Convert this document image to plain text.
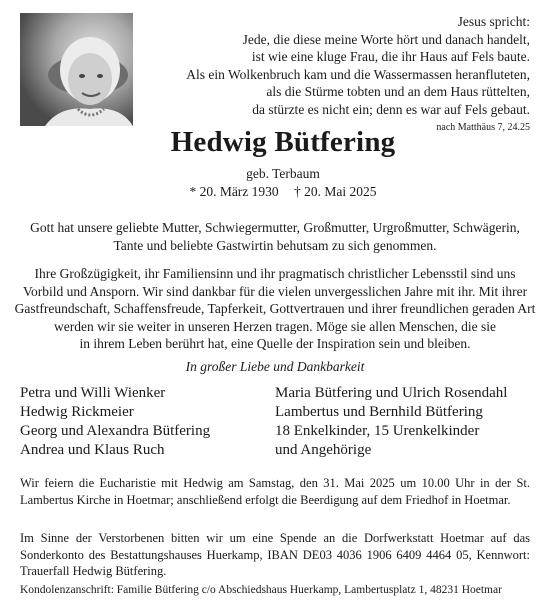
Jesus spricht:
Jede, die diese meine Worte hört und danach handelt,
ist wie eine kluge Frau, die ihr Haus auf Fels baute.
Als ein Wolkenbruch kam und die Wassermassen heranfluteten,
als die Stürme tobten und an dem Haus rüttelten,
da stürzte es nicht ein; denn es war auf Fels gebaut.
nach Matthäus 7, 24.25
Hedwig Bütfering
geb. Terbaum
* 20. März 1930 † 20. Mai 2025
Gott hat unsere geliebte Mutter, Schwiegermutter, Großmutter, Urgroßmutter, Schwägerin,
Tante und beliebte Gastwirtin behutsam zu sich genommen.
Ihre Großzügigkeit, ihr Familiensinn und ihr pragmatisch christlicher Lebensstil sind uns
Vorbild und Ansporn. Wir sind dankbar für die vielen unvergesslichen Jahre mit ihr. Mit ihrer
Gastfreundschaft, Schaffensfreude, Tapferkeit, Gottvertrauen und ihrer freundlichen geraden Art
werden wir sie weiter in unseren Herzen tragen. Möge sie allen Menschen, die sie
in ihrem Leben berührt hat, eine Quelle der Inspiration sein und bleiben.
In großer Liebe und Dankbarkeit
Petra und Willi Wienker
Hedwig Rickmeier
Georg und Alexandra Bütfering
Andrea und Klaus Ruch
Maria Bütfering und Ulrich Rosendahl
Lambertus und Bernhild Bütfering
18 Enkelkinder, 15 Urenkelkinder
und Angehörige
Wir feiern die Eucharistie mit Hedwig am Samstag, den 31. Mai 2025 um 10.00 Uhr in der St. Lambertus Kirche in Hoetmar; anschließend erfolgt die Beerdigung auf dem Friedhof in Hoetmar.
Im Sinne der Verstorbenen bitten wir um eine Spende an die Dorfwerkstatt Hoetmar auf das Sonderkonto des Bestattungshauses Huerkamp, IBAN DE03 4036 1906 6409 4464 05, Kennwort: Trauerfall Hedwig Bütfering.
Kondolenzanschrift: Familie Bütfering c/o Abschiedshaus Huerkamp, Lambertusplatz 1, 48231 Hoetmar
